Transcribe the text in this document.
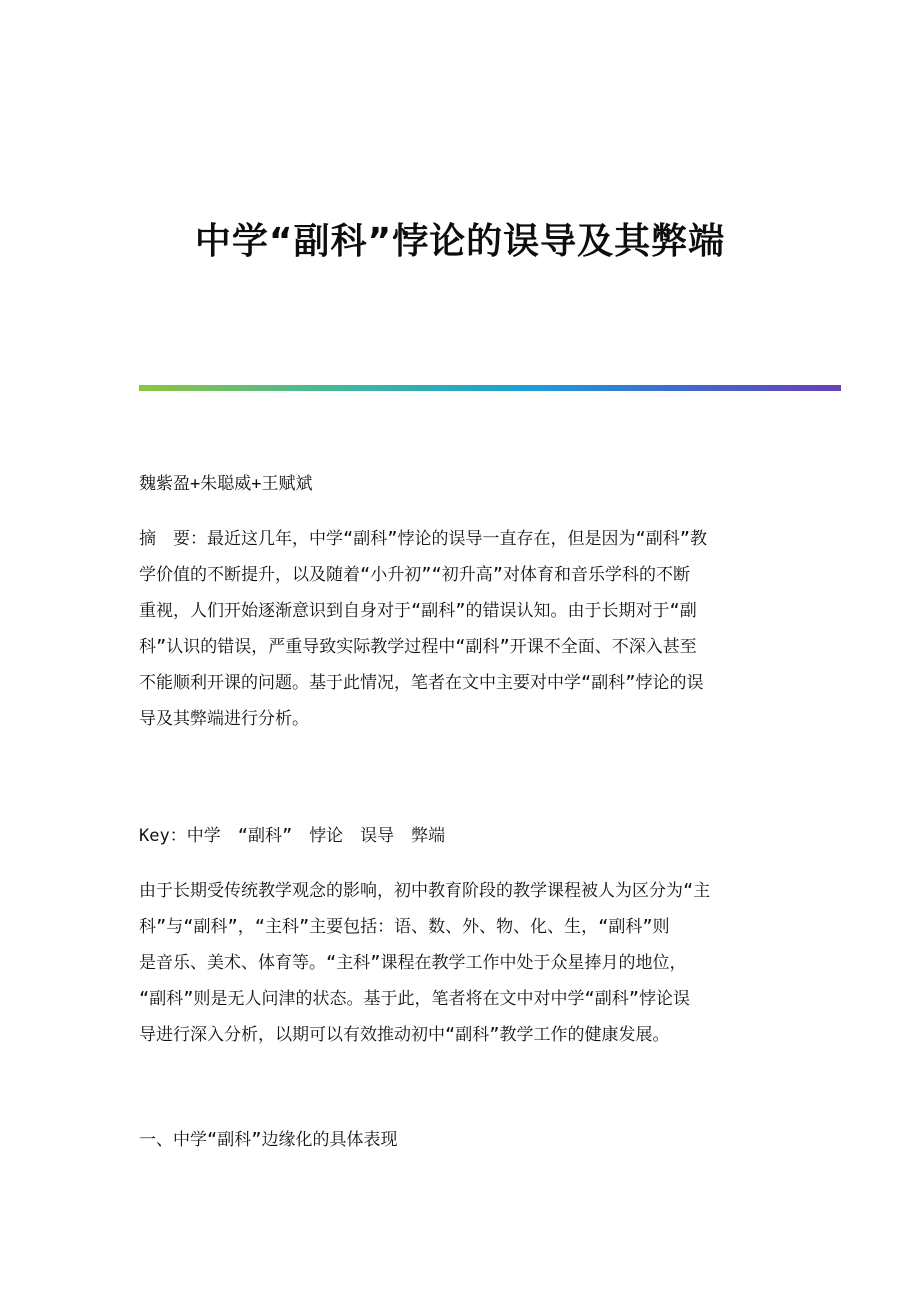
中学“副科”悖论的误导及其弊端

魏紫盈+朱聪威+王赋斌

摘　要：最近这几年，中学“副科”悖论的误导一直存在，但是因为“副科”教
学价值的不断提升，以及随着“小升初”“初升高”对体育和音乐学科的不断
重视，人们开始逐渐意识到自身对于“副科”的错误认知。由于长期对于“副
科”认识的错误，严重导致实际教学过程中“副科”开课不全面、不深入甚至
不能顺利开课的问题。基于此情况，笔者在文中主要对中学“副科”悖论的误
导及其弊端进行分析。

Key：中学　“副科”　悖论　误导　弊端

由于长期受传统教学观念的影响，初中教育阶段的教学课程被人为区分为“主
科”与“副科”，“主科”主要包括：语、数、外、物、化、生，“副科”则
是音乐、美术、体育等。“主科”课程在教学工作中处于众星捧月的地位，
“副科”则是无人问津的状态。基于此，笔者将在文中对中学“副科”悖论误
导进行深入分析，以期可以有效推动初中“副科”教学工作的健康发展。

一、中学“副科”边缘化的具体表现
